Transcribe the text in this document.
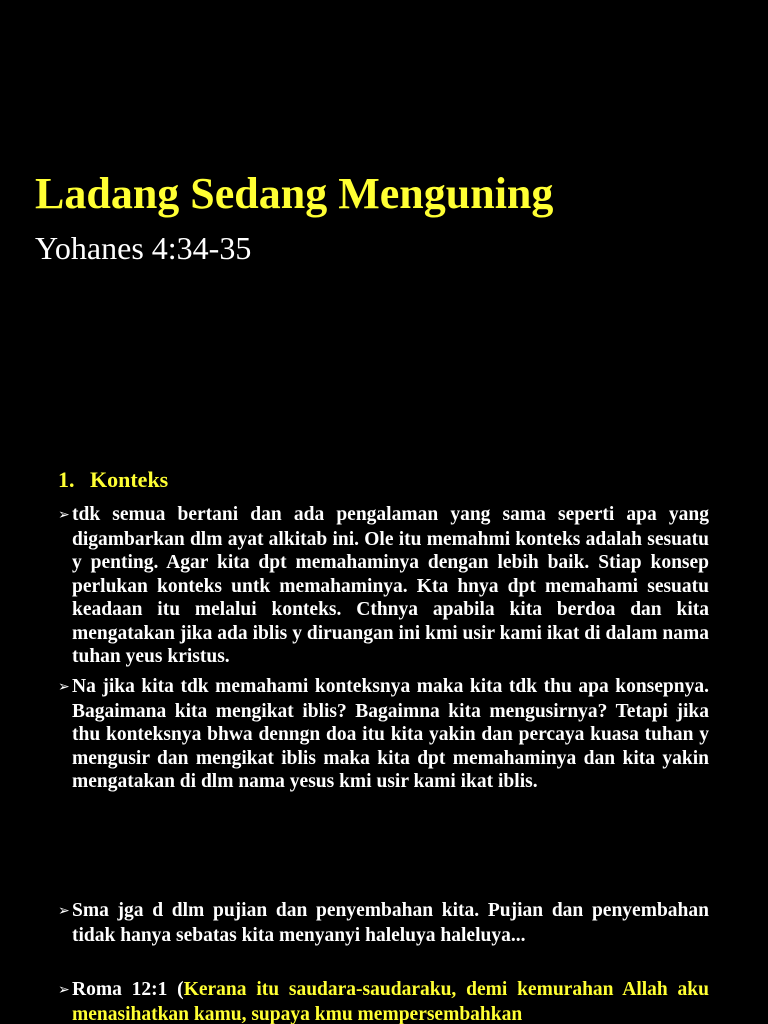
Ladang Sedang Menguning
Yohanes 4:34-35
1. Konteks

➢ tdk semua bertani dan ada pengalaman yang sama seperti apa yang digambarkan dlm ayat alkitab ini. Ole itu memahmi konteks adalah sesuatu y penting. Agar kita dpt memahaminya dengan lebih baik. Stiap konsep perlukan konteks untk memahaminya. Kta hnya dpt memahami sesuatu keadaan itu melalui konteks. Cthnya apabila kita berdoa dan kita mengatakan jika ada iblis y diruangan ini kmi usir kami ikat di dalam nama tuhan yeus kristus.

➢ Na jika kita tdk memahami konteksnya maka kita tdk thu apa konsepnya. Bagaimana kita mengikat iblis? Bagaimna kita mengusirnya? Tetapi jika thu konteksnya bhwa denngn doa itu kita yakin dan percaya kuasa tuhan y mengusir dan mengikat iblis maka kita dpt memahaminya dan kita yakin mengatakan di dlm nama yesus kmi usir kami ikat iblis.

➢ Sma jga d dlm pujian dan penyembahan kita. Pujian dan penyembahan tidak hanya sebatas kita menyanyi haleluya haleluya...

➢ Roma 12:1 (Kerana itu saudara-saudaraku, demi kemurahan Allah aku menasihatkan kamu, supaya kmu mempersembahkan
